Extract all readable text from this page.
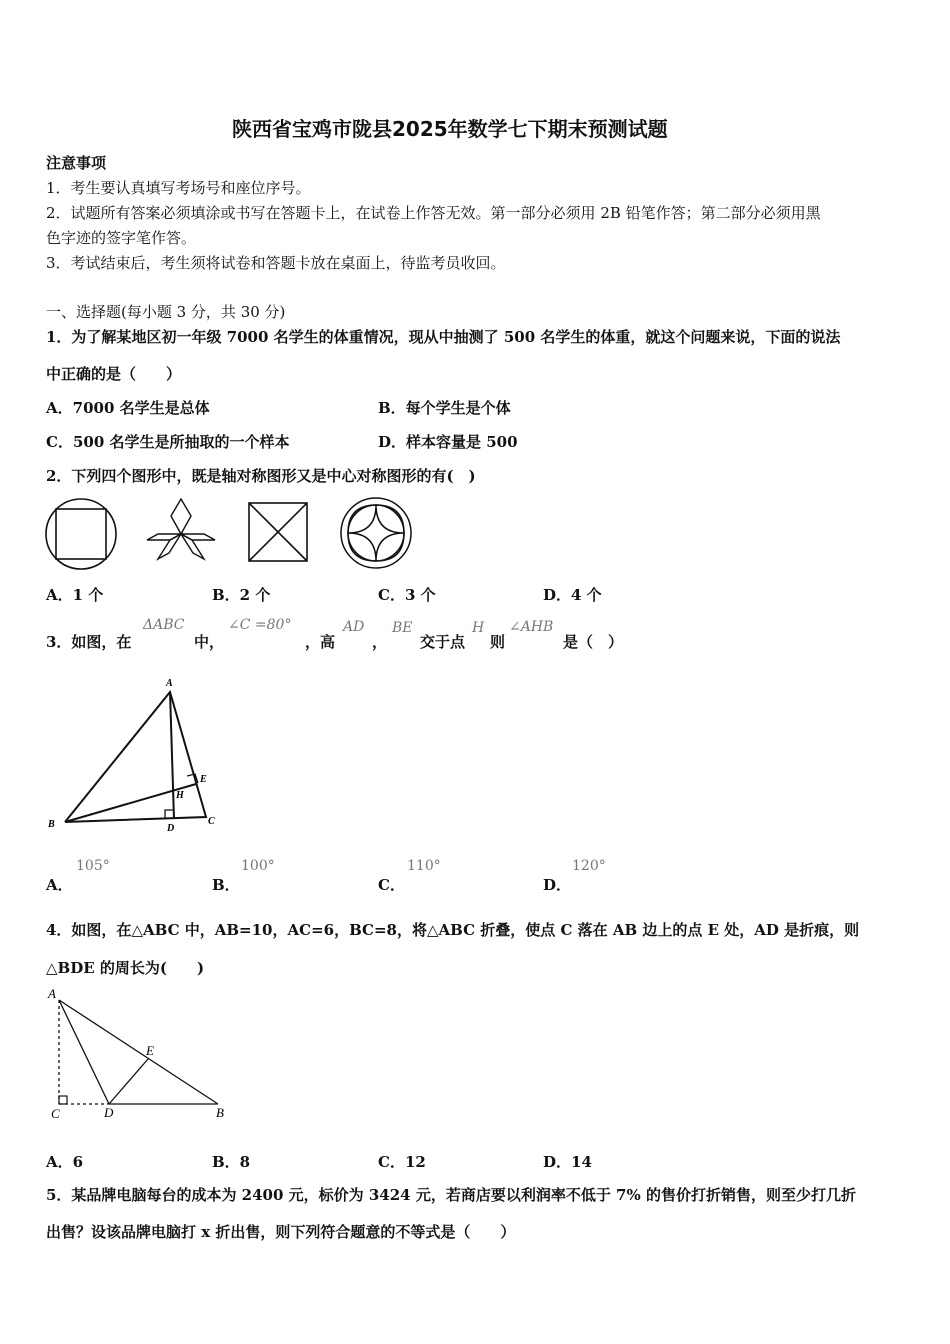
陕西省宝鸡市陇县2025年数学七下期末预测试题
注意事项
1．考生要认真填写考场号和座位序号。
2．试题所有答案必须填涂或书写在答题卡上，在试卷上作答无效。第一部分必须用 2B 铅笔作答；第二部分必须用黑
色字迹的签字笔作答。
3．考试结束后，考生须将试卷和答题卡放在桌面上，待监考员收回。
一、选择题(每小题 3 分，共 30 分)
1．为了解某地区初一年级 7000 名学生的体重情况，现从中抽测了 500 名学生的体重，就这个问题来说，下面的说法
中正确的是（　　）
A．7000 名学生是总体	B．每个学生是个体
C．500 名学生是所抽取的一个样本	D．样本容量是 500
2．下列四个图形中，既是轴对称图形又是中心对称图形的有(　)
A．1 个	B．2 个	C．3 个	D．4 个
3．如图，在
ΔABC
中，
∠C =80°
，高
AD
，
BE
交于点
H
则
∠AHB
是（　）
A
B	C
D
E
H
A．
105°
B．
100°
C．
110°
D．
120°
4．如图，在△ABC 中，AB=10，AC=6，BC=8，将△ABC 折叠，使点 C 落在 AB 边上的点 E 处，AD 是折痕，则
△BDE 的周长为(　　)
A
B
C	D
E
A．6	B．8	C．12	D．14
5．某品牌电脑每台的成本为 2400 元，标价为 3424 元，若商店要以利润率不低于 7% 的售价打折销售，则至少打几折
出售？设该品牌电脑打 x 折出售，则下列符合题意的不等式是（　　）
